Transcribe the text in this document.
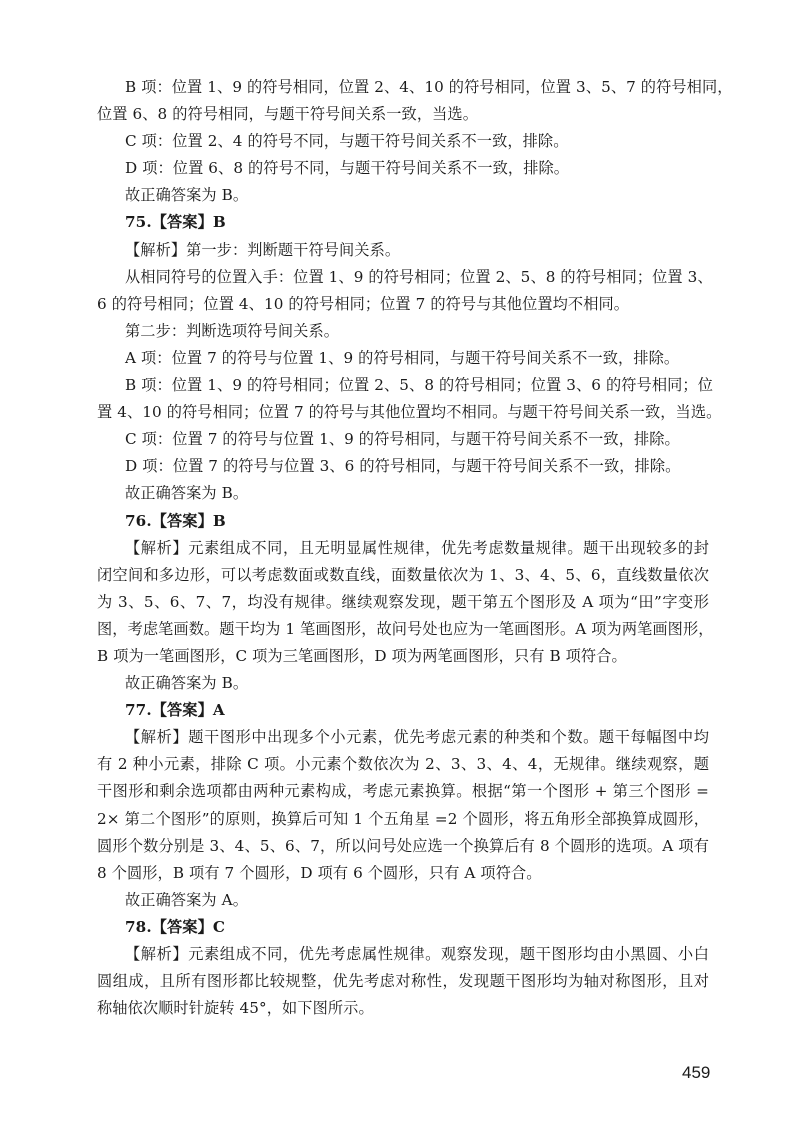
B 项：位置 1、9 的符号相同，位置 2、4、10 的符号相同，位置 3、5、7 的符号相同，
位置 6、8 的符号相同，与题干符号间关系一致，当选。
C 项：位置 2、4 的符号不同，与题干符号间关系不一致，排除。
D 项：位置 6、8 的符号不同，与题干符号间关系不一致，排除。
故正确答案为 B。
75.【答案】B
【解析】第一步：判断题干符号间关系。
从相同符号的位置入手：位置 1、9 的符号相同；位置 2、5、8 的符号相同；位置 3、
6 的符号相同；位置 4、10 的符号相同；位置 7 的符号与其他位置均不相同。
第二步：判断选项符号间关系。
A 项：位置 7 的符号与位置 1、9 的符号相同，与题干符号间关系不一致，排除。
B 项：位置 1、9 的符号相同；位置 2、5、8 的符号相同；位置 3、6 的符号相同；位
置 4、10 的符号相同；位置 7 的符号与其他位置均不相同。与题干符号间关系一致，当选。
C 项：位置 7 的符号与位置 1、9 的符号相同，与题干符号间关系不一致，排除。
D 项：位置 7 的符号与位置 3、6 的符号相同，与题干符号间关系不一致，排除。
故正确答案为 B。
76.【答案】B
【解析】元素组成不同，且无明显属性规律，优先考虑数量规律。题干出现较多的封
闭空间和多边形，可以考虑数面或数直线，面数量依次为 1、3、4、5、6，直线数量依次
为 3、5、6、7、7，均没有规律。继续观察发现，题干第五个图形及 A 项为“田”字变形
图，考虑笔画数。题干均为 1 笔画图形，故问号处也应为一笔画图形。A 项为两笔画图形，
B 项为一笔画图形，C 项为三笔画图形，D 项为两笔画图形，只有 B 项符合。
故正确答案为 B。
77.【答案】A
【解析】题干图形中出现多个小元素，优先考虑元素的种类和个数。题干每幅图中均
有 2 种小元素，排除 C 项。小元素个数依次为 2、3、3、4、4，无规律。继续观察，题
干图形和剩余选项都由两种元素构成，考虑元素换算。根据“第一个图形 + 第三个图形 =
2× 第二个图形”的原则，换算后可知 1 个五角星 =2 个圆形，将五角形全部换算成圆形，
圆形个数分别是 3、4、5、6、7，所以问号处应选一个换算后有 8 个圆形的选项。A 项有
8 个圆形，B 项有 7 个圆形，D 项有 6 个圆形，只有 A 项符合。
故正确答案为 A。
78.【答案】C
【解析】元素组成不同，优先考虑属性规律。观察发现，题干图形均由小黑圆、小白
圆组成，且所有图形都比较规整，优先考虑对称性，发现题干图形均为轴对称图形，且对
称轴依次顺时针旋转 45°，如下图所示。
459
